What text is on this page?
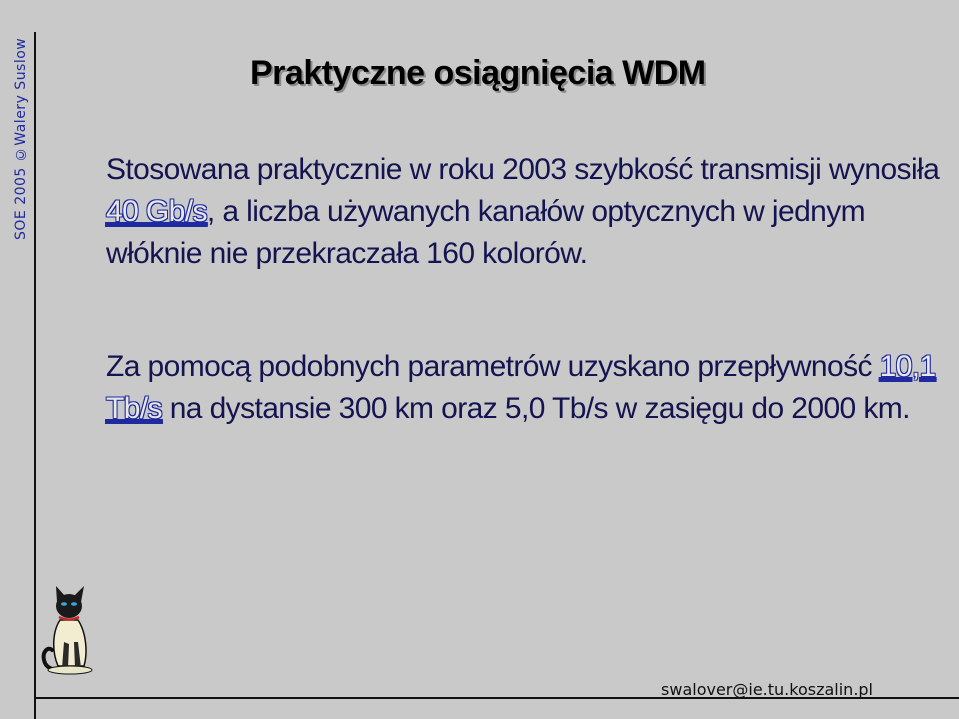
SOE 2005 ©Walery Suslow	Praktyczne osiągnięcia WDM
Stosowana praktycznie w roku 2003 szybkość transmisji wynosiła 40 Gb/s, a liczba używanych kanałów optycznych w jednym włóknie nie przekraczała 160 kolorów.
Za pomocą podobnych parametrów uzyskano przepływność 10,1 Tb/s na dystansie 300 km oraz 5,0 Tb/s w zasięgu do 2000 km.
swalover@ie.tu.koszalin.pl
